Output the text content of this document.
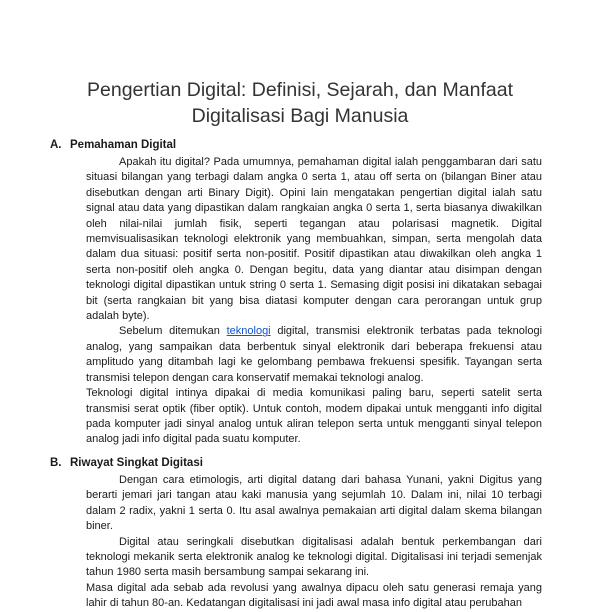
Pengertian Digital: Definisi, Sejarah, dan Manfaat
Digitalisasi Bagi Manusia
A. Pemahaman Digital

Apakah itu digital? Pada umumnya, pemahaman digital ialah penggambaran dari satu situasi bilangan yang terbagi dalam angka 0 serta 1, atau off serta on (bilangan Biner atau disebutkan dengan arti Binary Digit). Opini lain mengatakan pengertian digital ialah satu signal atau data yang dipastikan dalam rangkaian angka 0 serta 1, serta biasanya diwakilkan oleh nilai-nilai jumlah fisik, seperti tegangan atau polarisasi magnetik. Digital memvisualisasikan teknologi elektronik yang membuahkan, simpan, serta mengolah data dalam dua situasi: positif serta non-positif. Positif dipastikan atau diwakilkan oleh angka 1 serta non-positif oleh angka 0. Dengan begitu, data yang diantar atau disimpan dengan teknologi digital dipastikan untuk string 0 serta 1. Semasing digit posisi ini dikatakan sebagai bit (serta rangkaian bit yang bisa diatasi komputer dengan cara perorangan untuk grup adalah byte).

Sebelum ditemukan teknologi digital, transmisi elektronik terbatas pada teknologi analog, yang sampaikan data berbentuk sinyal elektronik dari beberapa frekuensi atau amplitudo yang ditambah lagi ke gelombang pembawa frekuensi spesifik. Tayangan serta transmisi telepon dengan cara konservatif memakai teknologi analog.

Teknologi digital intinya dipakai di media komunikasi paling baru, seperti satelit serta transmisi serat optik (fiber optik). Untuk contoh, modem dipakai untuk mengganti info digital pada komputer jadi sinyal analog untuk aliran telepon serta untuk mengganti sinyal telepon analog jadi info digital pada suatu komputer.

B. Riwayat Singkat Digitasi

Dengan cara etimologis, arti digital datang dari bahasa Yunani, yakni Digitus yang berarti jemari jari tangan atau kaki manusia yang sejumlah 10. Dalam ini, nilai 10 terbagi dalam 2 radix, yakni 1 serta 0. Itu asal awalnya pemakaian arti digital dalam skema bilangan biner.

Digital atau seringkali disebutkan digitalisasi adalah bentuk perkembangan dari teknologi mekanik serta elektronik analog ke teknologi digital. Digitalisasi ini terjadi semenjak tahun 1980 serta masih bersambung sampai sekarang ini.

Masa digital ada sebab ada revolusi yang awalnya dipacu oleh satu generasi remaja yang lahir di tahun 80-an. Kedatangan digitalisasi ini jadi awal masa info digital atau perubahan
